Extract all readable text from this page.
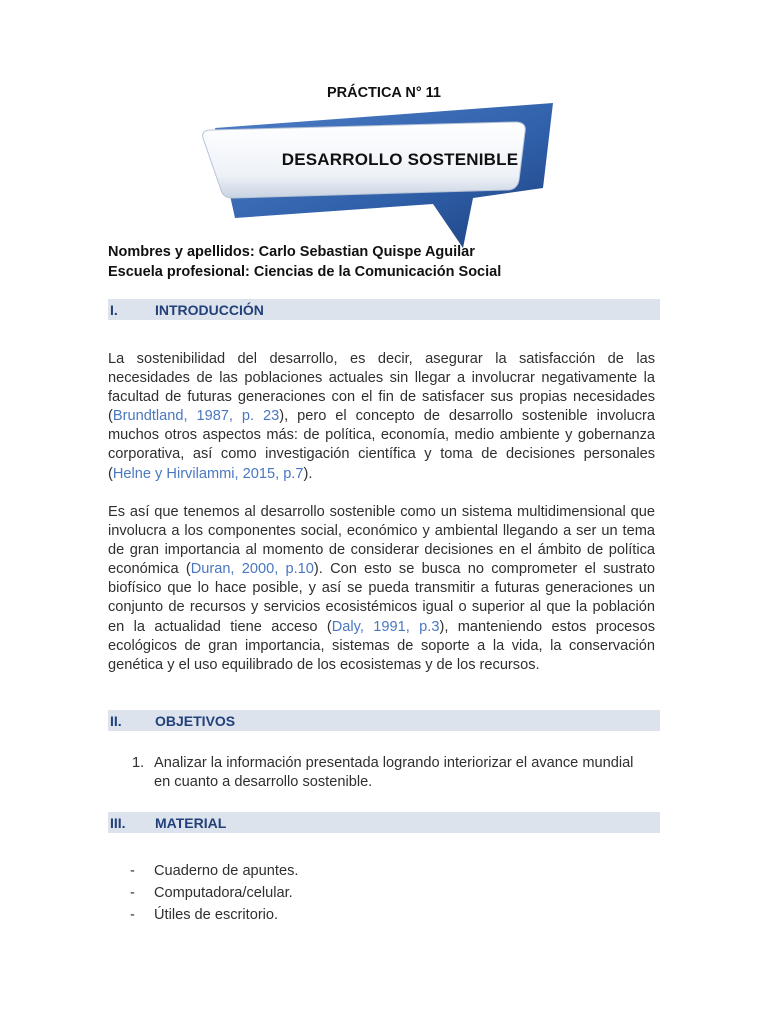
PRÁCTICA N° 11
DESARROLLO SOSTENIBLE
Nombres y apellidos: Carlo Sebastian Quispe Aguilar
Escuela profesional: Ciencias de la Comunicación Social
I.	INTRODUCCIÓN

La sostenibilidad del desarrollo, es decir, asegurar la satisfacción de las necesidades de las poblaciones actuales sin llegar a involucrar negativamente la facultad de futuras generaciones con el fin de satisfacer sus propias necesidades (Brundtland, 1987, p. 23), pero el concepto de desarrollo sostenible involucra muchos otros aspectos más: de política, economía, medio ambiente y gobernanza corporativa, así como investigación científica y toma de decisiones personales (Helne y Hirvilammi, 2015, p.7).

Es así que tenemos al desarrollo sostenible como un sistema multidimensional que involucra a los componentes social, económico y ambiental llegando a ser un tema de gran importancia al momento de considerar decisiones en el ámbito de política económica (Duran, 2000, p.10). Con esto se busca no comprometer el sustrato biofísico que lo hace posible, y así se pueda transmitir a futuras generaciones un conjunto de recursos y servicios ecosistémicos igual o superior al que la población en la actualidad tiene acceso (Daly, 1991, p.3), manteniendo estos procesos ecológicos de gran importancia, sistemas de soporte a la vida, la conservación genética y el uso equilibrado de los ecosistemas y de los recursos.

II. OBJETIVOS
1. Analizar la información presentada logrando interiorizar el avance mundial
en cuanto a desarrollo sostenible.
III. MATERIAL
- Cuaderno de apuntes.
- Computadora/celular.
- Útiles de escritorio.
